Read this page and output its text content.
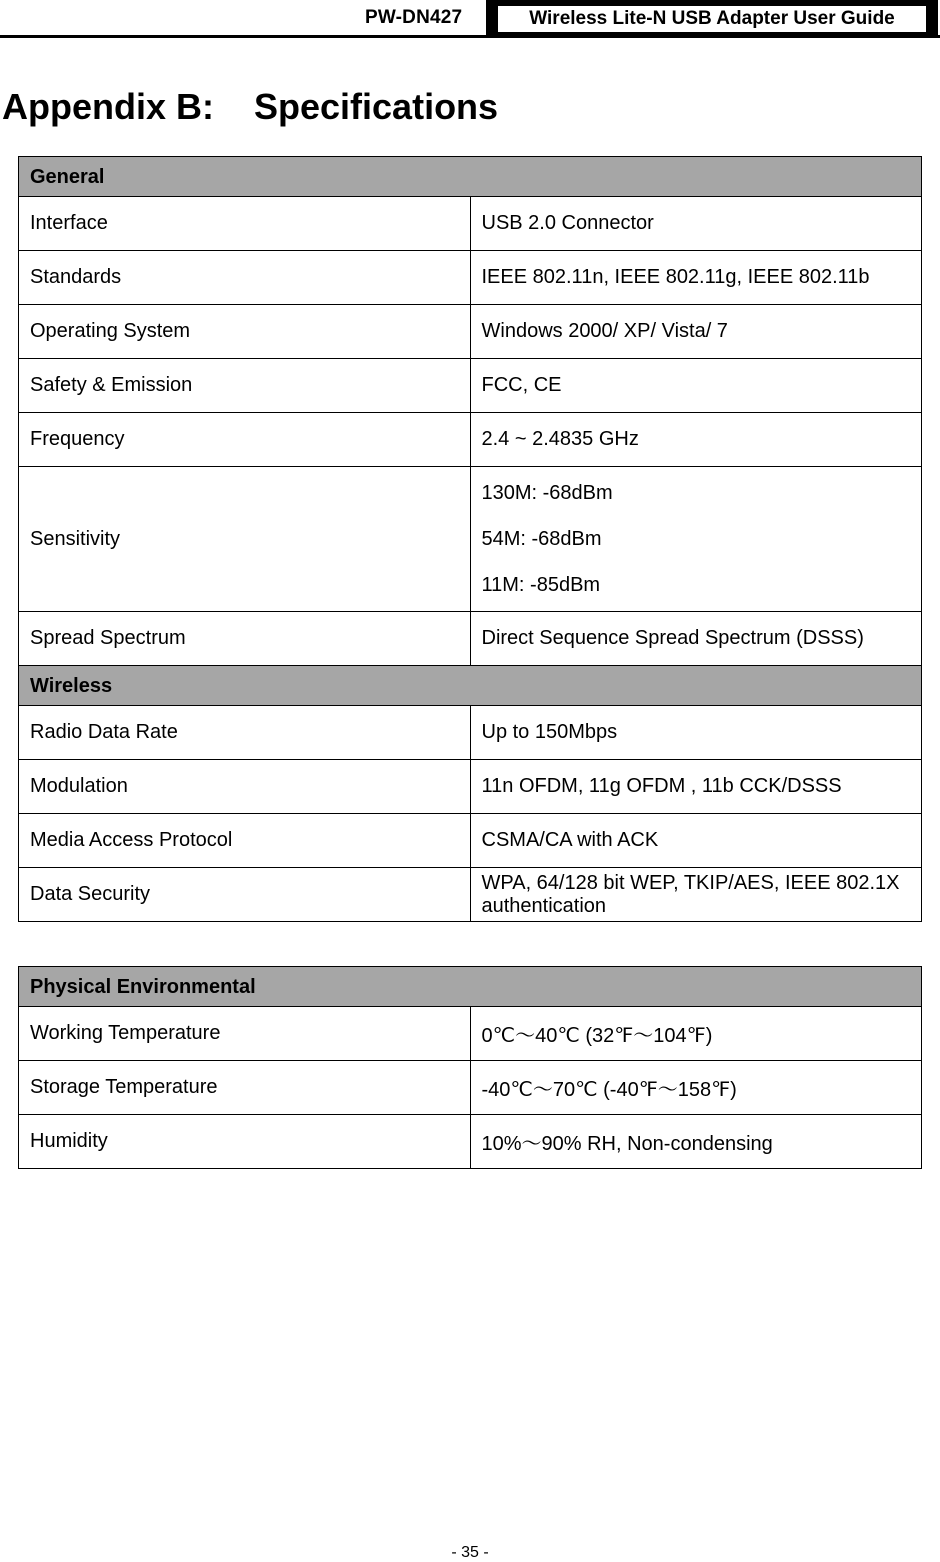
PW-DN427	Wireless Lite-N USB Adapter User Guide
Appendix B:    Specifications
General	
Interface	USB 2.0 Connector
Standards	IEEE 802.11n, IEEE 802.11g, IEEE 802.11b
Operating System	Windows 2000/ XP/ Vista/ 7
Safety & Emission	FCC, CE
Frequency	2.4 ~ 2.4835 GHz
Sensitivity	130M: -68dBm
54M: -68dBm
11M: -85dBm

Spread Spectrum	Direct Sequence Spread Spectrum (DSSS)
Wireless	
Radio Data Rate	Up to 150Mbps
Modulation	11n OFDM, 11g OFDM , 11b CCK/DSSS
Media Access Protocol	CSMA/CA with ACK
Data Security	WPA, 64/128 bit WEP, TKIP/AES, IEEE 802.1X authentication
Physical Environmental	
Working Temperature	0℃～40℃ (32℉～104℉)
Storage Temperature	-40℃～70℃ (-40℉～158℉)
Humidity	10%～90% RH, Non-condensing
- 35 -
